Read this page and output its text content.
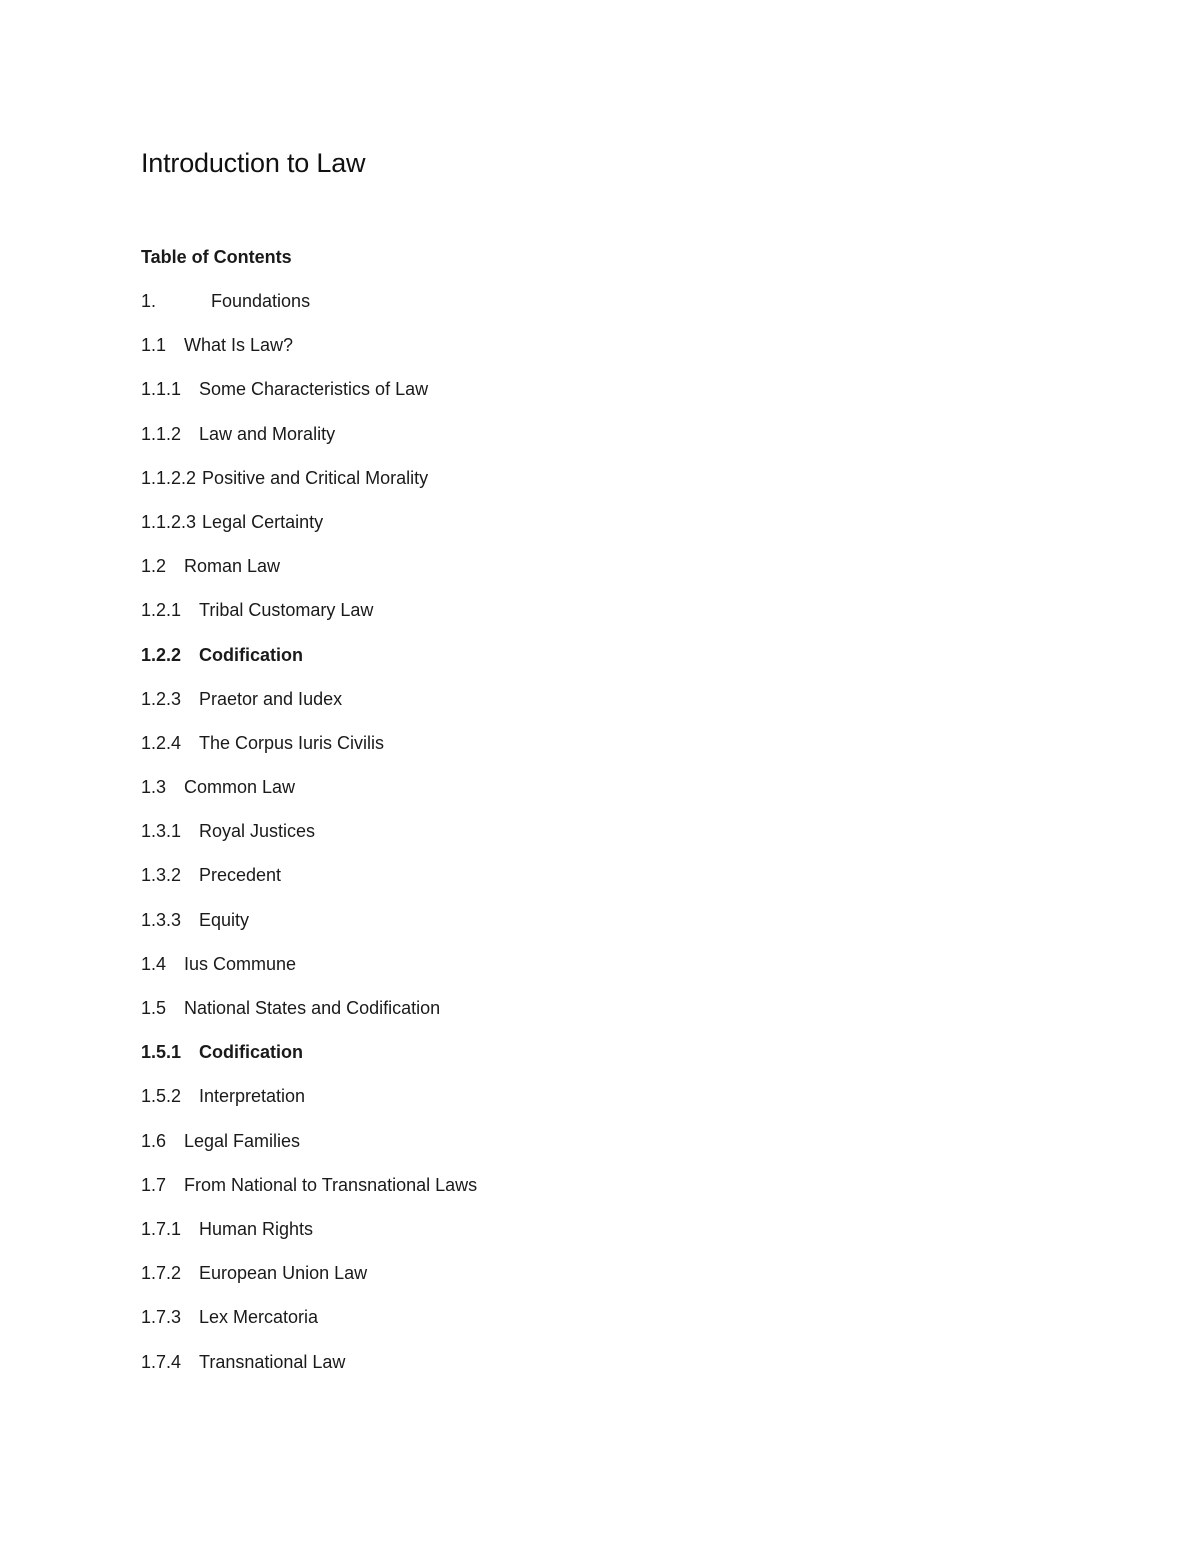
Introduction to Law
Table of Contents
1.	Foundations
1.1 What Is Law?
1.1.1 Some Characteristics of Law
1.1.2 Law and Morality
1.1.2.2 Positive and Critical Morality
1.1.2.3 Legal Certainty
1.2 Roman Law
1.2.1 Tribal Customary Law
1.2.2 Codification
1.2.3 Praetor and Iudex
1.2.4 The Corpus Iuris Civilis
1.3 Common Law
1.3.1 Royal Justices
1.3.2 Precedent
1.3.3 Equity
1.4 Ius Commune
1.5 National States and Codification
1.5.1 Codification
1.5.2 Interpretation
1.6 Legal Families
1.7 From National to Transnational Laws
1.7.1 Human Rights
1.7.2 European Union Law
1.7.3 Lex Mercatoria
1.7.4 Transnational Law
